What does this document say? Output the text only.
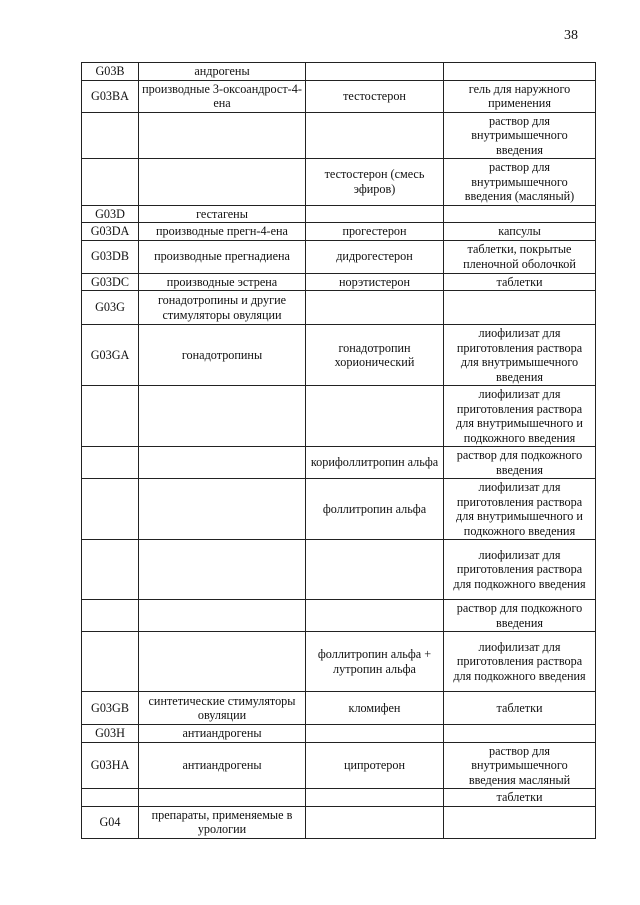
38
G03B	андрогены		
G03BA	производные 3-оксоандрост-4-ена	тестостерон	гель для наружного применения
			раствор для внутримышечного введения
		тестостерон (смесь эфиров)	раствор для внутримышечного введения (масляный)
G03D	гестагены		
G03DA	производные прегн-4-ена	прогестерон	капсулы
G03DB	производные прегнадиена	дидрогестерон	таблетки, покрытые пленочной оболочкой
G03DC	производные эстрена	норэтистерон	таблетки
G03G	гонадотропины и другие стимуляторы овуляции		
G03GA	гонадотропины	гонадотропин хорионический	лиофилизат для приготовления раствора для внутримышечного введения
			лиофилизат для приготовления раствора для внутримышечного и подкожного введения
		корифоллитропин альфа	раствор для подкожного введения
		фоллитропин альфа	лиофилизат для приготовления раствора для внутримышечного и подкожного введения
			лиофилизат для приготовления раствора для подкожного введения
			раствор для подкожного введения
		фоллитропин альфа + лутропин альфа	лиофилизат для приготовления раствора для подкожного введения
G03GB	синтетические стимуляторы овуляции	кломифен	таблетки
G03H	антиандрогены		
G03HA	антиандрогены	ципротерон	раствор для внутримышечного введения масляный
			таблетки
G04	препараты, применяемые в урологии		
